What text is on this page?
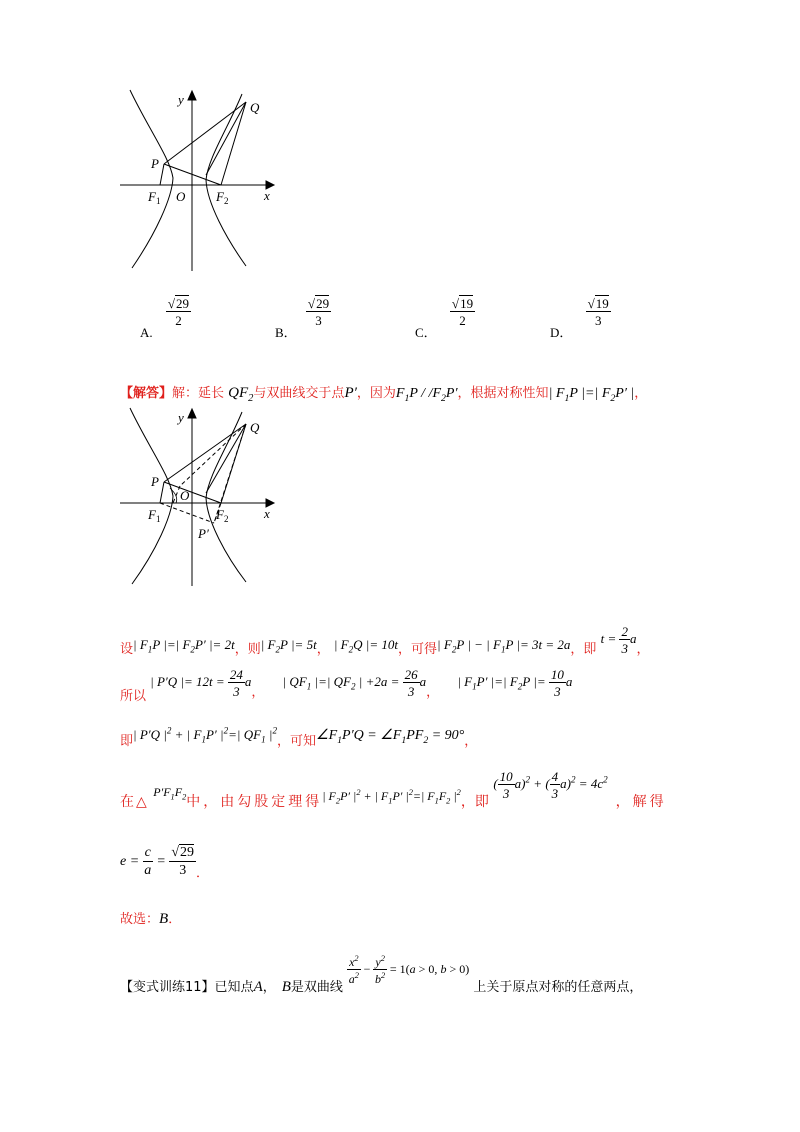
y
Q
P
x
O
$F_1$	$F_2$
A.
$\frac{√29}{2}$
B．
$\frac{√29}{3}$
C．
$\frac{√19}{2}$
D．
$\frac{√19}{3}$
【解答】解：延长 $QF_2$与双曲线交于点P′，因为$F_1P / /F_2P'$，根据对称性知| $F_1P$ |=| $F_2P'$ |，
y
Q
P
x
O
$F_1$	$F_2$
P′
设| $F_1P$ |=| $F_2P'$ |= 2t，则| $F_2P$ |= 5t， | $F_2Q$ |= 10t，可得| $F_2P$ | − | $F_1P$ |= 3t = 2a，即 $t = \frac{2}{3}$ a，
所以 | P′Q |= $12t = \frac{24}{3}$ a， | $QF_1$ |=| $QF_2$ | $+2a = \frac{26}{3}$ a， | $F_1P'$ |=| $F_2P$ |= $\frac{10}{3}$ a
即| P′Q $|^2$ + | $F_1P'$ $|^2=|$ $QF_1$ $|^2$，可知$\angle F_1P'Q$ = $\angle F_1PF_2 = 90^\circ$，
在△ $P'F_1F_2$中，由勾股定理得| $F_2P'$ $|^2$ + | $F_1P'$ $|^2=|$ $F_1F_2$ $|^2$，即 ( $\frac{10}{3} a)^2$ + ( $\frac{4}{3} a)^2 = 4c^2$，解得
$e = \frac{c}{a} = \frac{√29}{3}$ ．
故选：B．
【变式训练11】已知点A， B是双曲线
$\frac{x^2}{a^2} - \frac{y^2}{b^2} = 1(a > 0$, b > 0) 上关于原点对称的任意两点，
